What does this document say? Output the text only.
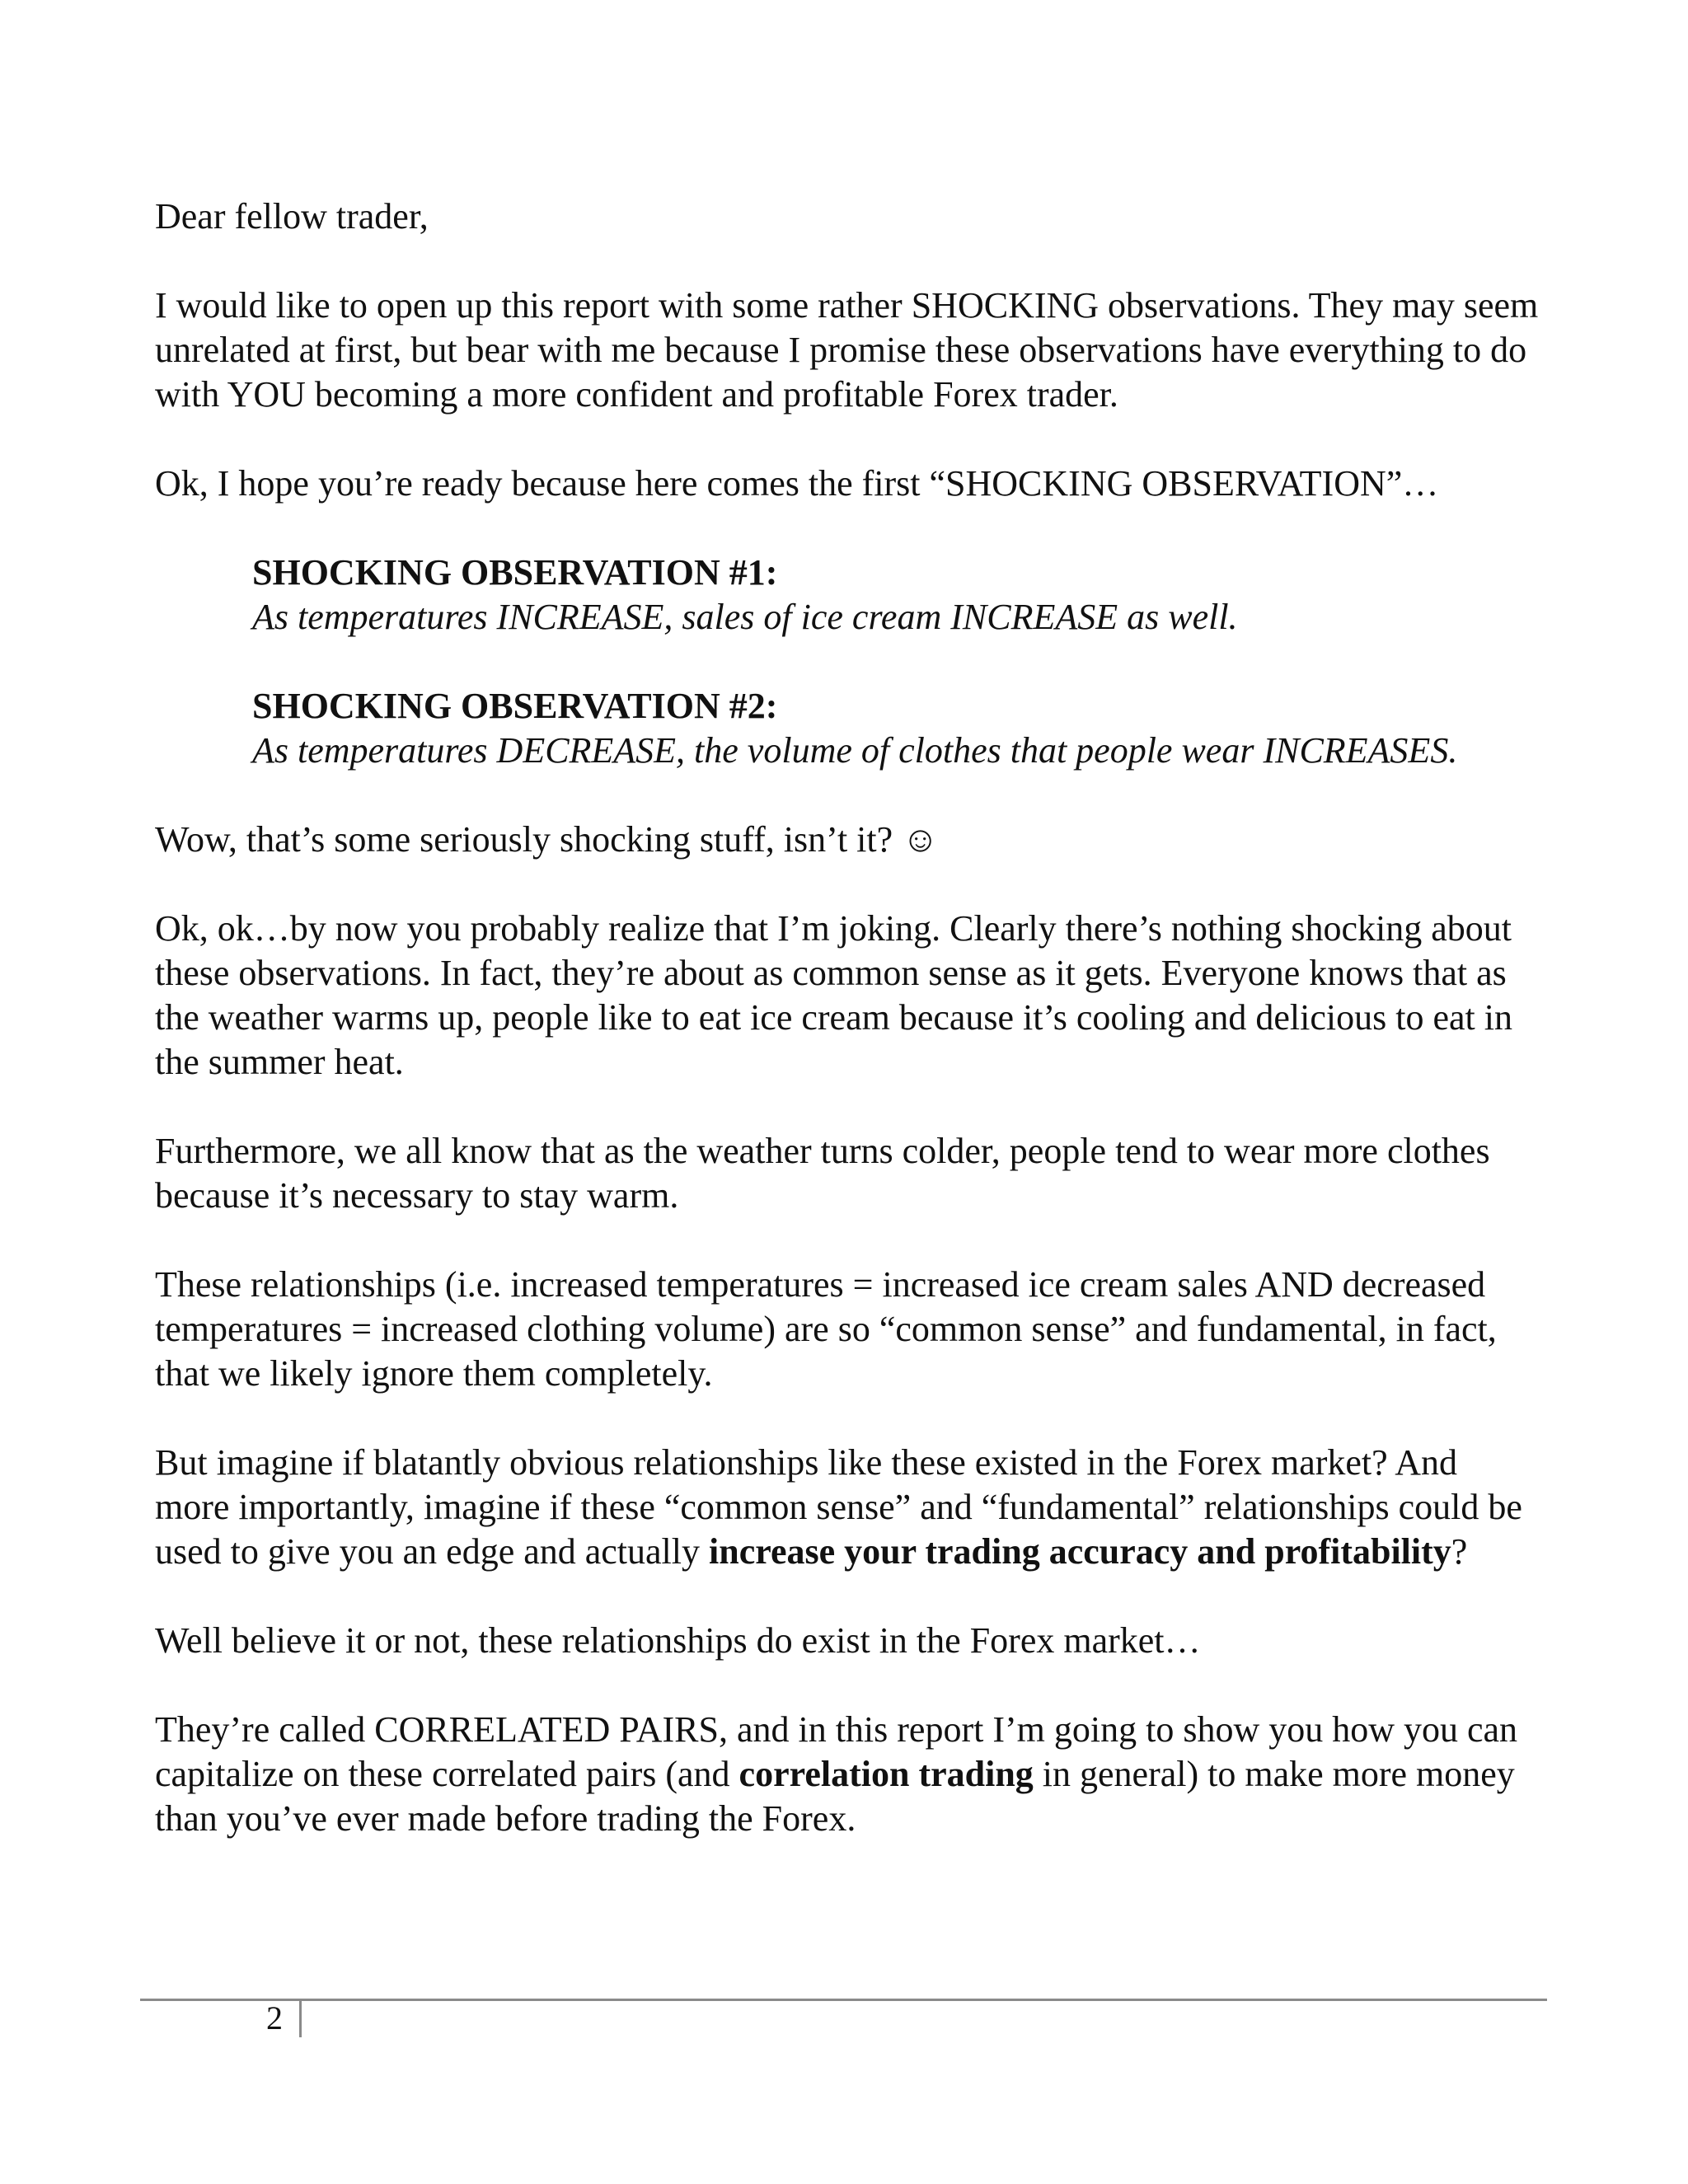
Dear fellow trader,

I would like to open up this report with some rather SHOCKING observations. They may seem unrelated at first, but bear with me because I promise these observations have everything to do with YOU becoming a more confident and profitable Forex trader.

Ok, I hope you’re ready because here comes the first “SHOCKING OBSERVATION”…

SHOCKING OBSERVATION #1:
As temperatures INCREASE, sales of ice cream INCREASE as well.
SHOCKING OBSERVATION #2:
As temperatures DECREASE, the volume of clothes that people wear INCREASES.

Wow, that’s some seriously shocking stuff, isn’t it? ☺

Ok, ok…by now you probably realize that I’m joking. Clearly there’s nothing shocking about these observations. In fact, they’re about as common sense as it gets. Everyone knows that as the weather warms up, people like to eat ice cream because it’s cooling and delicious to eat in the summer heat.

Furthermore, we all know that as the weather turns colder, people tend to wear more clothes because it’s necessary to stay warm.

These relationships (i.e. increased temperatures = increased ice cream sales AND decreased temperatures = increased clothing volume) are so “common sense” and fundamental, in fact, that we likely ignore them completely.

But imagine if blatantly obvious relationships like these existed in the Forex market? And more importantly, imagine if these “common sense” and “fundamental” relationships could be used to give you an edge and actually increase your trading accuracy and profitability?

Well believe it or not, these relationships do exist in the Forex market…

They’re called CORRELATED PAIRS, and in this report I’m going to show you how you can capitalize on these correlated pairs (and correlation trading in general) to make more money than you’ve ever made before trading the Forex.

2
